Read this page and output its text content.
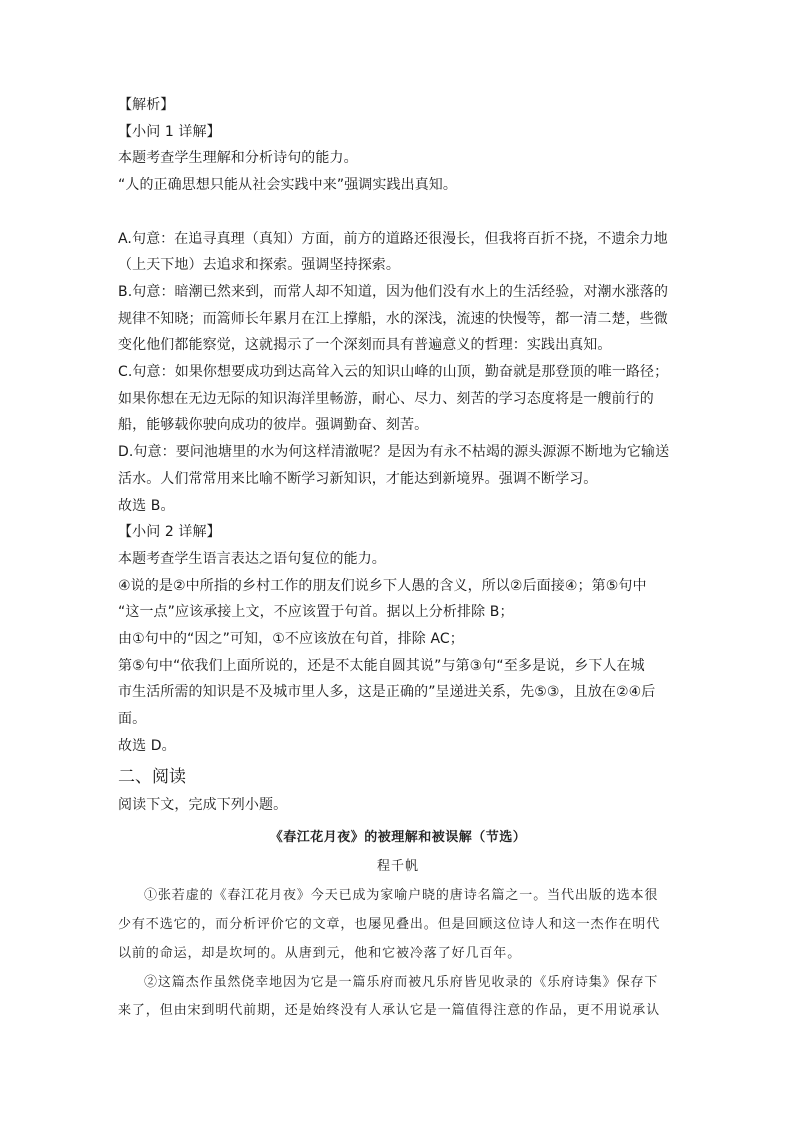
【解析】

【小问 1 详解】

本题考查学生理解和分析诗句的能力。

“人的正确思想只能从社会实践中来”强调实践出真知。

A.句意：在追寻真理（真知）方面，前方的道路还很漫长，但我将百折不挠，不遗余力地

（上天下地）去追求和探索。强调坚持探索。

B.句意：暗潮已然来到，而常人却不知道，因为他们没有水上的生活经验，对潮水涨落的

规律不知晓；而篙师长年累月在江上撑船，水的深浅，流速的快慢等，都一清二楚，些微

变化他们都能察觉，这就揭示了一个深刻而具有普遍意义的哲理：实践出真知。

C.句意：如果你想要成功到达高耸入云的知识山峰的山顶，勤奋就是那登顶的唯一路径；

如果你想在无边无际的知识海洋里畅游，耐心、尽力、刻苦的学习态度将是一艘前行的

船，能够载你驶向成功的彼岸。强调勤奋、刻苦。

D.句意：要问池塘里的水为何这样清澈呢？是因为有永不枯竭的源头源源不断地为它输送

活水。人们常常用来比喻不断学习新知识，才能达到新境界。强调不断学习。

故选 B。

【小问 2 详解】

本题考查学生语言表达之语句复位的能力。

④说的是②中所指的乡村工作的朋友们说乡下人愚的含义，所以②后面接④；第⑤句中

“这一点”应该承接上文，不应该置于句首。据以上分析排除 B；

由①句中的“因之”可知，①不应该放在句首，排除 AC；

第⑤句中“依我们上面所说的，还是不太能自圆其说”与第③句“至多是说，乡下人在城

市生活所需的知识是不及城市里人多，这是正确的”呈递进关系，先⑤③，且放在②④后

面。

故选 D。

二、阅读

阅读下文，完成下列小题。

《春江花月夜》的被理解和被误解（节选）
程千帆
①张若虚的《春江花月夜》今天已成为家喻户晓的唐诗名篇之一。当代出版的选本很
少有不选它的，而分析评价它的文章，也屡见叠出。但是回顾这位诗人和这一杰作在明代
以前的命运，却是坎坷的。从唐到元，他和它被冷落了好几百年。
②这篇杰作虽然侥幸地因为它是一篇乐府而被凡乐府皆见收录的《乐府诗集》保存下
来了，但由宋到明代前期，还是始终没有人承认它是一篇值得注意的作品，更不用说承认
